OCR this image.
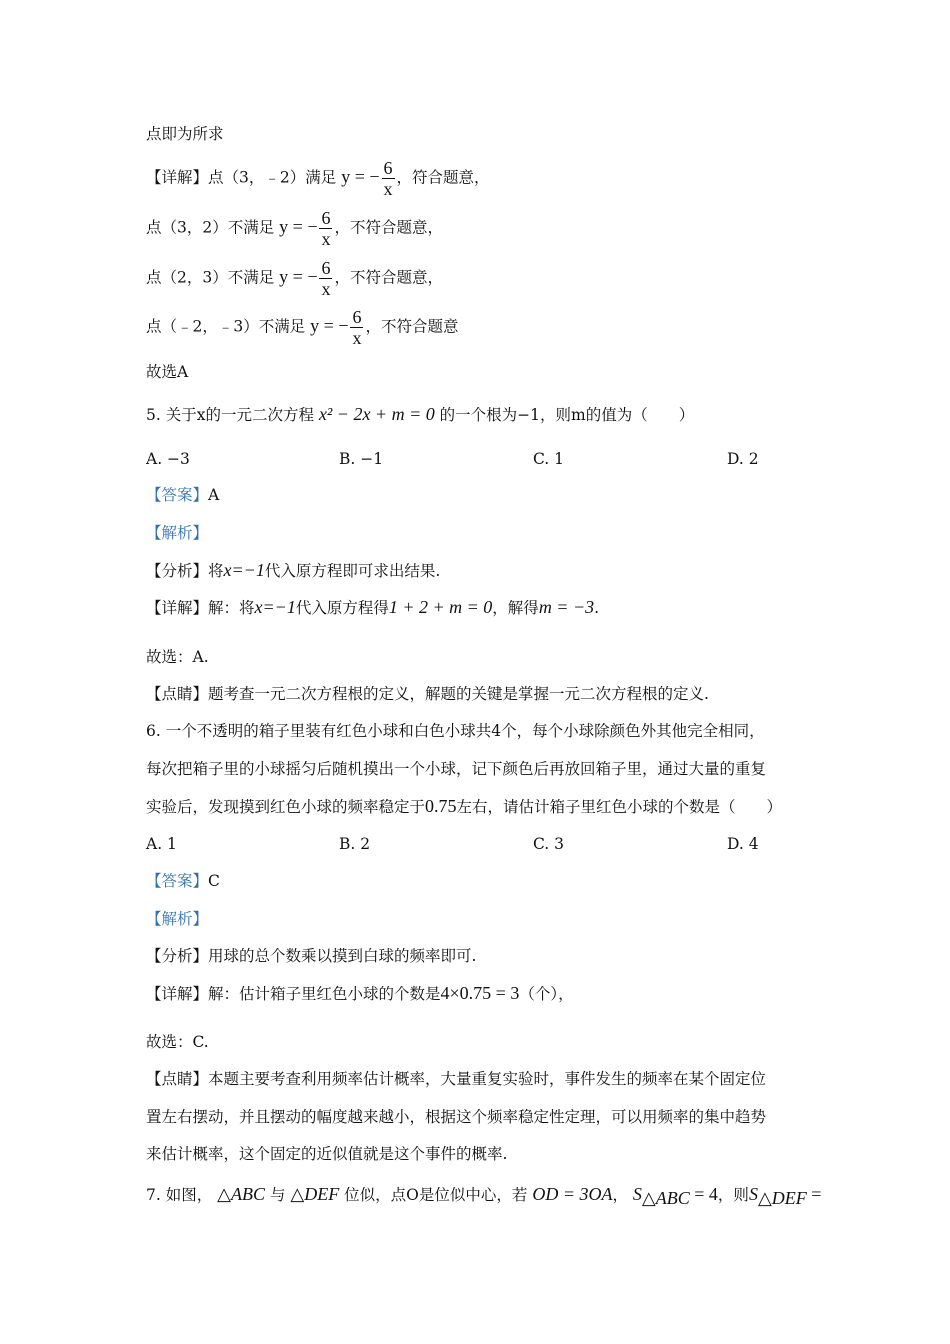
点即为所求
【详解】点（3，﹣2）满足 y = − $\frac{6}{x}$ ，符合题意，
点（3，2）不满足 y = − $\frac{6}{x}$ ，不符合题意，
点（2，3）不满足 y = − $\frac{6}{x}$ ，不符合题意，
点（﹣2，﹣3）不满足 y = − $\frac{6}{x}$ ，不符合题意
故选A
5. 关于x的一元二次方程 x² − 2x + m = 0 的一个根为−1，则m的值为（　　）
A. −3	B. −1	C. 1	D. 2
【答案】A
【解析】
【分析】将x=−1代入原方程即可求出结果.
【详解】解：将x=−1代入原方程得1 + 2 + m = 0，解得m = −3.
故选：A.
【点睛】题考查一元二次方程根的定义，解题的关键是掌握一元二次方程根的定义.
6. 一个不透明的箱子里装有红色小球和白色小球共4个，每个小球除颜色外其他完全相同，
每次把箱子里的小球摇匀后随机摸出一个小球，记下颜色后再放回箱子里，通过大量的重复
实验后，发现摸到红色小球的频率稳定于0.75左右，请估计箱子里红色小球的个数是（　　）
A. 1	B. 2	C. 3	D. 4
【答案】C
【解析】
【分析】用球的总个数乘以摸到白球的频率即可.
【详解】解：估计箱子里红色小球的个数是4×0.75 = 3（个），
故选：C.
【点睛】本题主要考查利用频率估计概率，大量重复实验时，事件发生的频率在某个固定位
置左右摆动，并且摆动的幅度越来越小，根据这个频率稳定性定理，可以用频率的集中趋势
来估计概率，这个固定的近似值就是这个事件的概率.
7. 如图， △ABC 与 △DEF 位似，点O是位似中心，若 OD = 3OA， $S_{\triangle ABC} = 4$，则$S_{\triangle DEF}$ =
